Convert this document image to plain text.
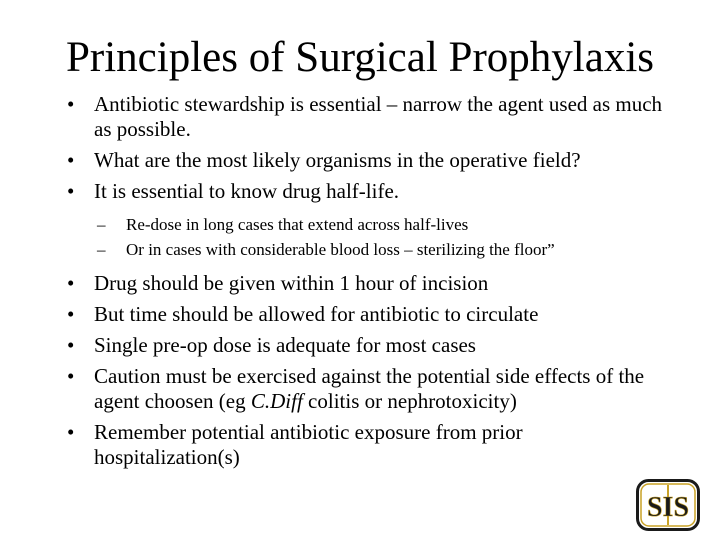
Principles of Surgical Prophylaxis
• Antibiotic stewardship is essential – narrow the agent used as much as possible.
• What are the most likely organisms in the operative field?
• It is essential to know drug half-life.
– Re-dose in long cases that extend across half-lives
– Or in cases with considerable blood loss – sterilizing the floor”
• Drug should be given within 1 hour of incision
• But time should be allowed for antibiotic to circulate
• Single pre-op dose is adequate for most cases
• Caution must be exercised against the potential side effects of the agent choosen (eg C.Diff colitis or nephrotoxicity)
• Remember potential antibiotic exposure from prior hospitalization(s)
SIS
